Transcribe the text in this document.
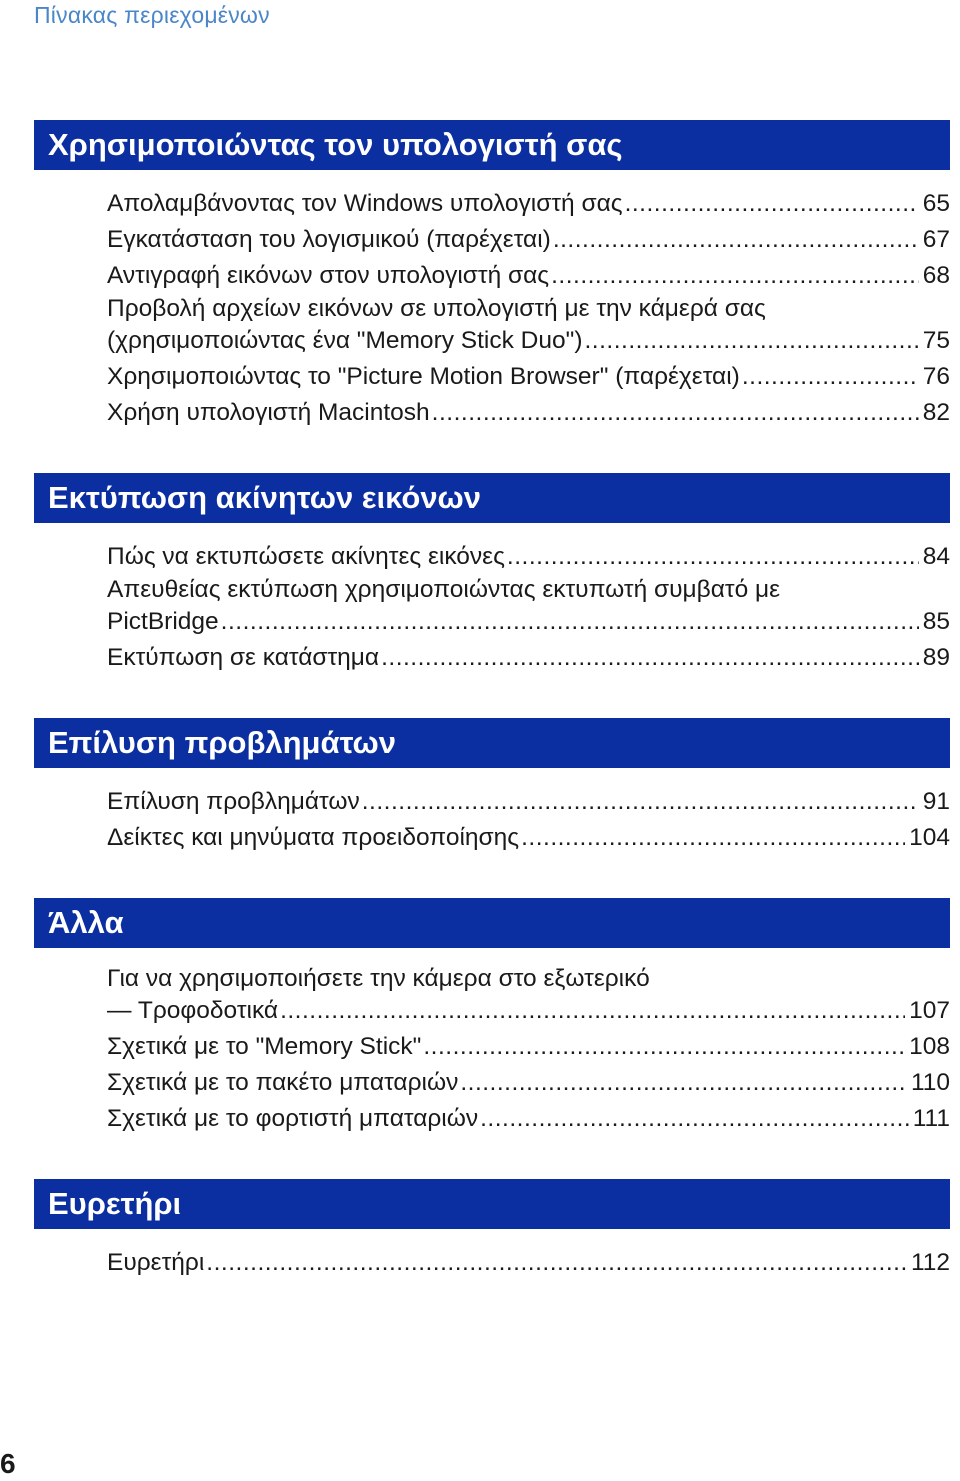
Πίνακας περιεχομένων
Χρησιμοποιώντας τον υπολογιστή σας
Απολαμβάνοντας τον Windows υπολογιστή σας .....	65
Εγκατάσταση του λογισμικού (παρέχεται) .....	67
Αντιγραφή εικόνων στον υπολογιστή σας .....	68
Προβολή αρχείων εικόνων σε υπολογιστή με την κάμερά σας
(χρησιμοποιώντας ένα "Memory Stick Duo") .....	75
Χρησιμοποιώντας το "Picture Motion Browser" (παρέχεται) .....	76
Χρήση υπολογιστή Macintosh .....	82
Εκτύπωση ακίνητων εικόνων
Πώς να εκτυπώσετε ακίνητες εικόνες .....	84
Απευθείας εκτύπωση χρησιμοποιώντας εκτυπωτή συμβατό με
PictBridge .....	85
Εκτύπωση σε κατάστημα .....	89
Επίλυση προβλημάτων
Επίλυση προβλημάτων .....	91
Δείκτες και μηνύματα προειδοποίησης .....	104
Άλλα
Για να χρησιμοποιήσετε την κάμερα στο εξωτερικό
— Τροφοδοτικά .....	107
Σχετικά με το "Memory Stick" .....	108
Σχετικά με το πακέτο μπαταριών .....	110
Σχετικά με το φορτιστή μπαταριών .....	111
Ευρετήρι
Ευρετήρι .....	112
6
